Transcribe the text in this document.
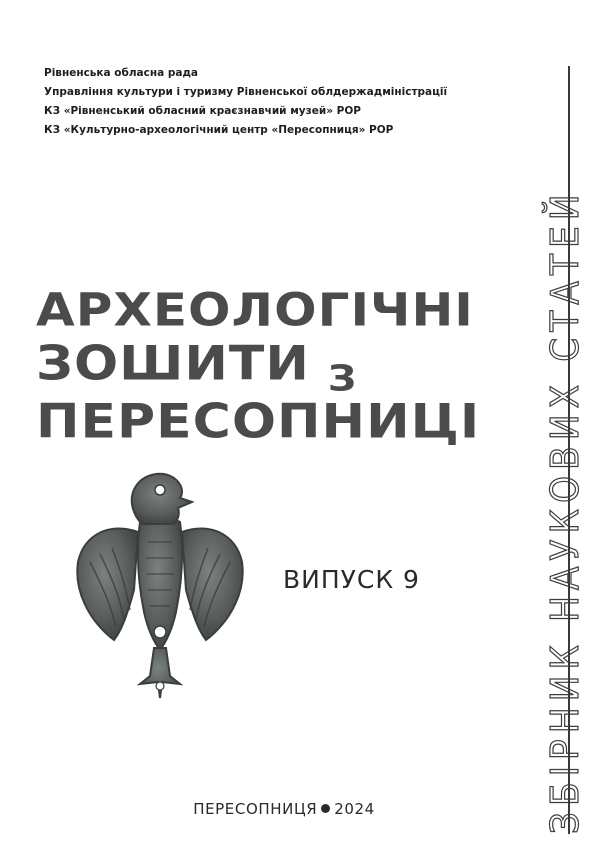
Рівненська обласна рада
Управління культури і туризму Рівненської облдержадміністрації
КЗ «Рівненський обласний краєзнавчий музей» РОР
КЗ «Культурно-археологічний центр «Пересопниця» РОР
ЗБІРНИК НАУКОВИХ СТАТЕЙ
АРХЕОЛОГІЧНІ
ЗОШИТИ З
ПЕРЕСОПНИЦІ
ВИПУСК 9
ПЕРЕСОПНИЦЯ 2024
